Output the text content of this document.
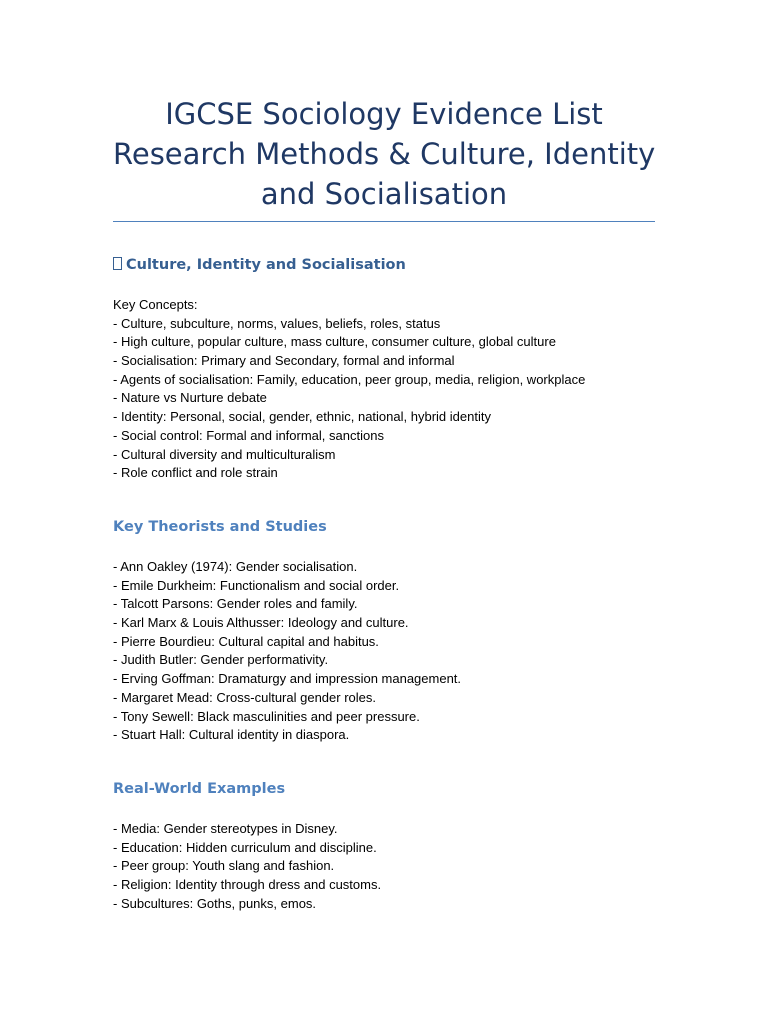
IGCSE Sociology Evidence List
Research Methods & Culture, Identity
and Socialisation
Culture, Identity and Socialisation
Key Concepts:
- Culture, subculture, norms, values, beliefs, roles, status
- High culture, popular culture, mass culture, consumer culture, global culture
- Socialisation: Primary and Secondary, formal and informal
- Agents of socialisation: Family, education, peer group, media, religion, workplace
- Nature vs Nurture debate
- Identity: Personal, social, gender, ethnic, national, hybrid identity
- Social control: Formal and informal, sanctions
- Cultural diversity and multiculturalism
- Role conflict and role strain
Key Theorists and Studies
- Ann Oakley (1974): Gender socialisation.
- Emile Durkheim: Functionalism and social order.
- Talcott Parsons: Gender roles and family.
- Karl Marx & Louis Althusser: Ideology and culture.
- Pierre Bourdieu: Cultural capital and habitus.
- Judith Butler: Gender performativity.
- Erving Goffman: Dramaturgy and impression management.
- Margaret Mead: Cross-cultural gender roles.
- Tony Sewell: Black masculinities and peer pressure.
- Stuart Hall: Cultural identity in diaspora.
Real-World Examples
- Media: Gender stereotypes in Disney.
- Education: Hidden curriculum and discipline.
- Peer group: Youth slang and fashion.
- Religion: Identity through dress and customs.
- Subcultures: Goths, punks, emos.
